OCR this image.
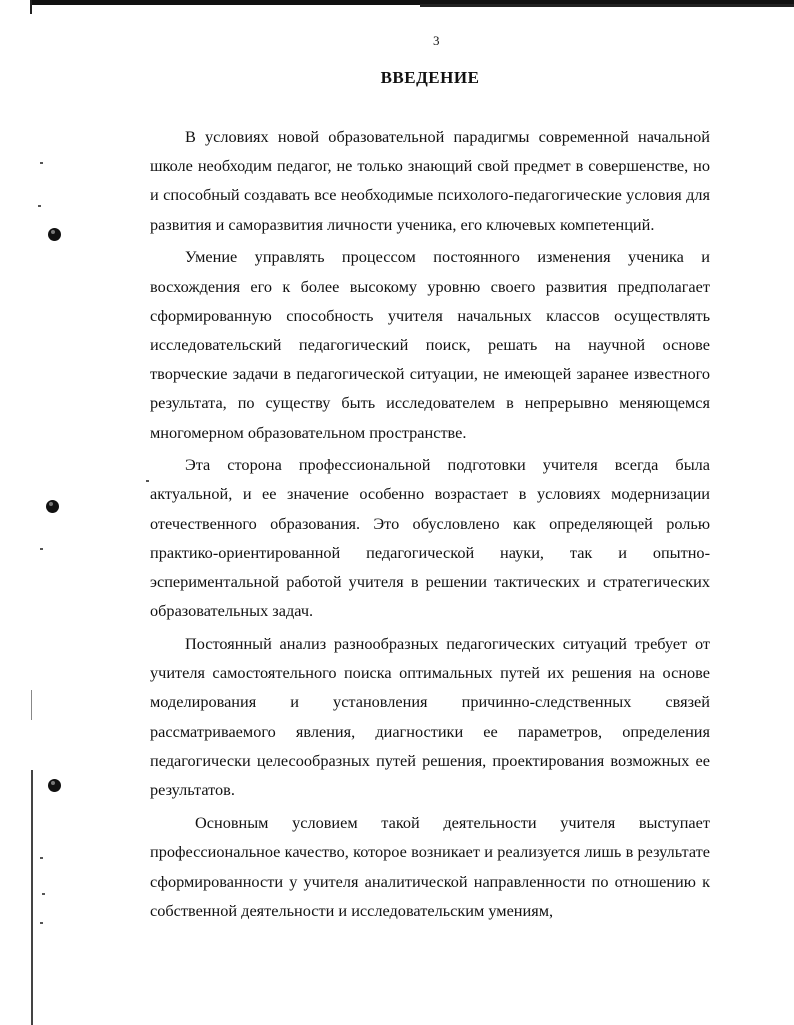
3
ВВЕДЕНИЕ

В условиях новой образовательной парадигмы современной начальной школе необходим педагог, не только знающий свой предмет в совершенстве, но и способный создавать все необходимые психолого-педагогические условия для развития и саморазвития личности ученика, его ключевых компетенций.

Умение управлять процессом постоянного изменения ученика и восхождения его к более высокому уровню своего развития предполагает сформированную способность учителя начальных классов осуществлять исследовательский педагогический поиск, решать на научной основе творческие задачи в педагогической ситуации, не имеющей заранее известного результата, по существу быть исследователем в непрерывно меняющемся многомерном образовательном пространстве.

Эта сторона профессиональной подготовки учителя всегда была актуальной, и ее значение особенно возрастает в условиях модернизации отечественного образования. Это обусловлено как определяющей ролью практико-ориентированной педагогической науки, так и опытно-эспериментальной работой учителя в решении тактических и стратегических образовательных задач.

Постоянный анализ разнообразных педагогических ситуаций требует от учителя самостоятельного поиска оптимальных путей их решения на основе моделирования и установления причинно-следственных связей рассматриваемого явления, диагностики ее параметров, определения педагогически целесообразных путей решения, проектирования возможных ее результатов.

Основным условием такой деятельности учителя выступает профессиональное качество, которое возникает и реализуется лишь в результате сформированности у учителя аналитической направленности по отношению к собственной деятельности и исследовательским умениям,
